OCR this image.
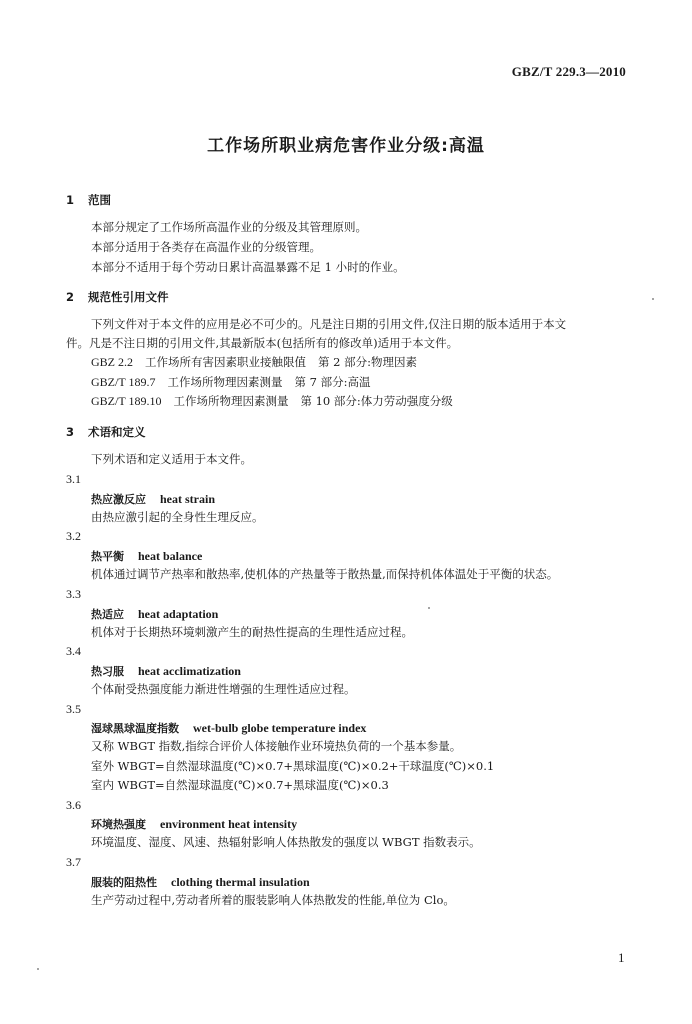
GBZ/T 229.3—2010
工作场所职业病危害作业分级:高温
1 范围
本部分规定了工作场所高温作业的分级及其管理原则。
本部分适用于各类存在高温作业的分级管理。
本部分不适用于每个劳动日累计高温暴露不足 1 小时的作业。
2 规范性引用文件
下列文件对于本文件的应用是必不可少的。凡是注日期的引用文件,仅注日期的版本适用于本文
件。凡是不注日期的引用文件,其最新版本(包括所有的修改单)适用于本文件。
GBZ 2.2 工作场所有害因素职业接触限值 第 2 部分:物理因素
GBZ/T 189.7 工作场所物理因素测量 第 7 部分:高温
GBZ/T 189.10 工作场所物理因素测量 第 10 部分:体力劳动强度分级
3 术语和定义
下列术语和定义适用于本文件。
3.1
热应激反应 heat strain
由热应激引起的全身性生理反应。
3.2
热平衡 heat balance
机体通过调节产热率和散热率,使机体的产热量等于散热量,而保持机体体温处于平衡的状态。
3.3
热适应 heat adaptation
机体对于长期热环境刺激产生的耐热性提高的生理性适应过程。
3.4
热习服 heat acclimatization
个体耐受热强度能力渐进性增强的生理性适应过程。
3.5
湿球黑球温度指数 wet-bulb globe temperature index
又称 WBGT 指数,指综合评价人体接触作业环境热负荷的一个基本参量。
室外 WBGT=自然湿球温度(℃)×0.7+黑球温度(℃)×0.2+干球温度(℃)×0.1
室内 WBGT=自然湿球温度(℃)×0.7+黑球温度(℃)×0.3
3.6
环境热强度 environment heat intensity
环境温度、湿度、风速、热辐射影响人体热散发的强度以 WBGT 指数表示。
3.7
服装的阻热性 clothing thermal insulation
生产劳动过程中,劳动者所着的服装影响人体热散发的性能,单位为 Clo。
1
